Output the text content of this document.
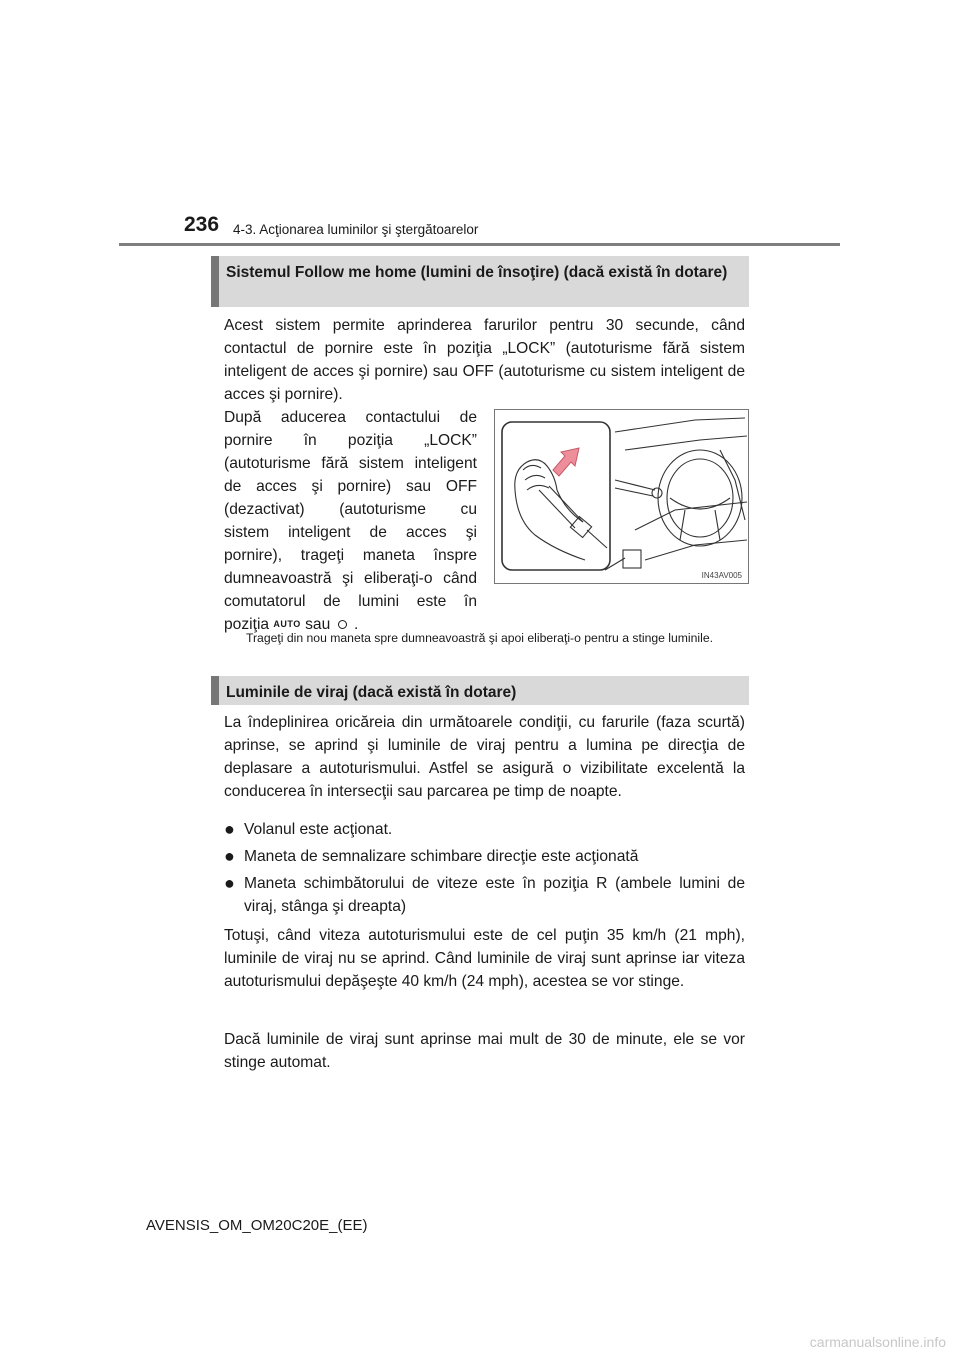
236 4-3. Acţionarea luminilor şi ştergătoarelor
Sistemul Follow me home (lumini de însoţire) (dacă există în dotare)

Acest sistem permite aprinderea farurilor pentru 30 secunde, când contactul de pornire este în poziţia „LOCK” (autoturisme fără sistem inteligent de acces şi pornire) sau OFF (autoturisme cu sistem inteligent de acces şi pornire).

După aducerea contactului de
pornire în poziţia „LOCK”
(autoturisme fără sistem inteligent
de acces şi pornire) sau OFF
(dezactivat) (autoturisme cu
sistem inteligent de acces şi
pornire), trageţi maneta înspre
dumneavoastră şi eliberaţi-o când
comutatorul de lumini este în
poziţia AUTO sau .
IN43AV005

Trageţi din nou maneta spre dumneavoastră şi apoi eliberaţi-o pentru a stinge luminile.

Luminile de viraj (dacă există în dotare)

La îndeplinirea oricăreia din următoarele condiţii, cu farurile (faza scurtă) aprinse, se aprind şi luminile de viraj pentru a lumina pe direcţia de deplasare a autoturismului. Astfel se asigură o vizibilitate excelentă la conducerea în intersecţii sau parcarea pe timp de noapte.

● Volanul este acţionat.
● Maneta de semnalizare schimbare direcţie este acţionată
● Maneta schimbătorului de viteze este în poziţia R (ambele lumini de viraj, stânga şi dreapta)

Totuşi, când viteza autoturismului este de cel puţin 35 km/h (21 mph), luminile de viraj nu se aprind. Când luminile de viraj sunt aprinse iar viteza autoturismului depăşeşte 40 km/h (24 mph), acestea se vor stinge.

Dacă luminile de viraj sunt aprinse mai mult de 30 de minute, ele se vor stinge automat.

AVENSIS_OM_OM20C20E_(EE)
carmanualsonline.info
